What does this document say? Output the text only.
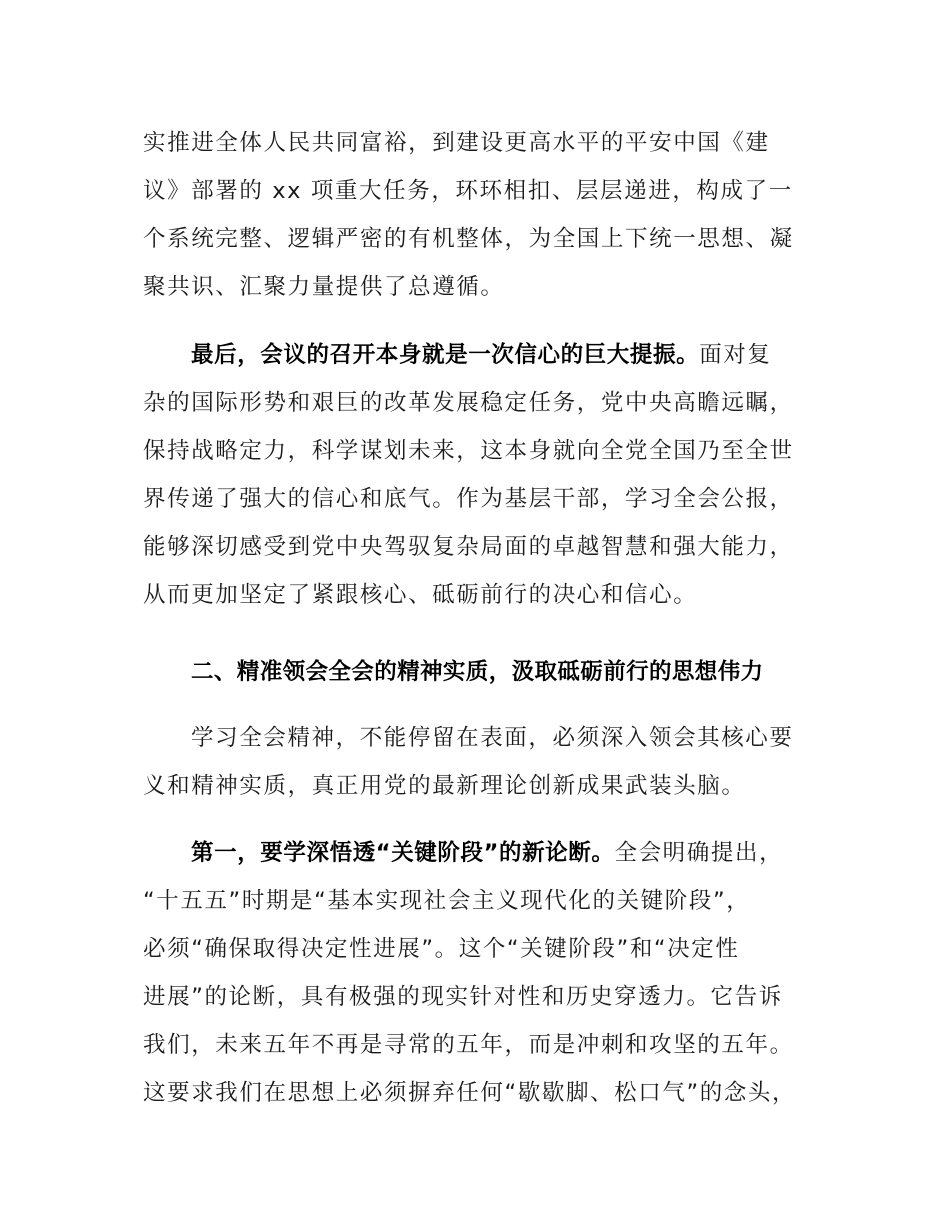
实推进全体人民共同富裕，到建设更高水平的平安中国《建
议》部署的 xx 项重大任务，环环相扣、层层递进，构成了一
个系统完整、逻辑严密的有机整体，为全国上下统一思想、凝
聚共识、汇聚力量提供了总遵循。
最后，会议的召开本身就是一次信心的巨大提振。面对复
杂的国际形势和艰巨的改革发展稳定任务，党中央高瞻远瞩，
保持战略定力，科学谋划未来，这本身就向全党全国乃至全世
界传递了强大的信心和底气。作为基层干部，学习全会公报，
能够深切感受到党中央驾驭复杂局面的卓越智慧和强大能力，
从而更加坚定了紧跟核心、砥砺前行的决心和信心。
二、精准领会全会的精神实质，汲取砥砺前行的思想伟力
学习全会精神，不能停留在表面，必须深入领会其核心要
义和精神实质，真正用党的最新理论创新成果武装头脑。
第一，要学深悟透“关键阶段”的新论断。全会明确提出，
“十五五”时期是“基本实现社会主义现代化的关键阶段”，
必须“确保取得决定性进展”。这个“关键阶段”和“决定性
进展”的论断，具有极强的现实针对性和历史穿透力。它告诉
我们，未来五年不再是寻常的五年，而是冲刺和攻坚的五年。
这要求我们在思想上必须摒弃任何“歇歇脚、松口气”的念头，
